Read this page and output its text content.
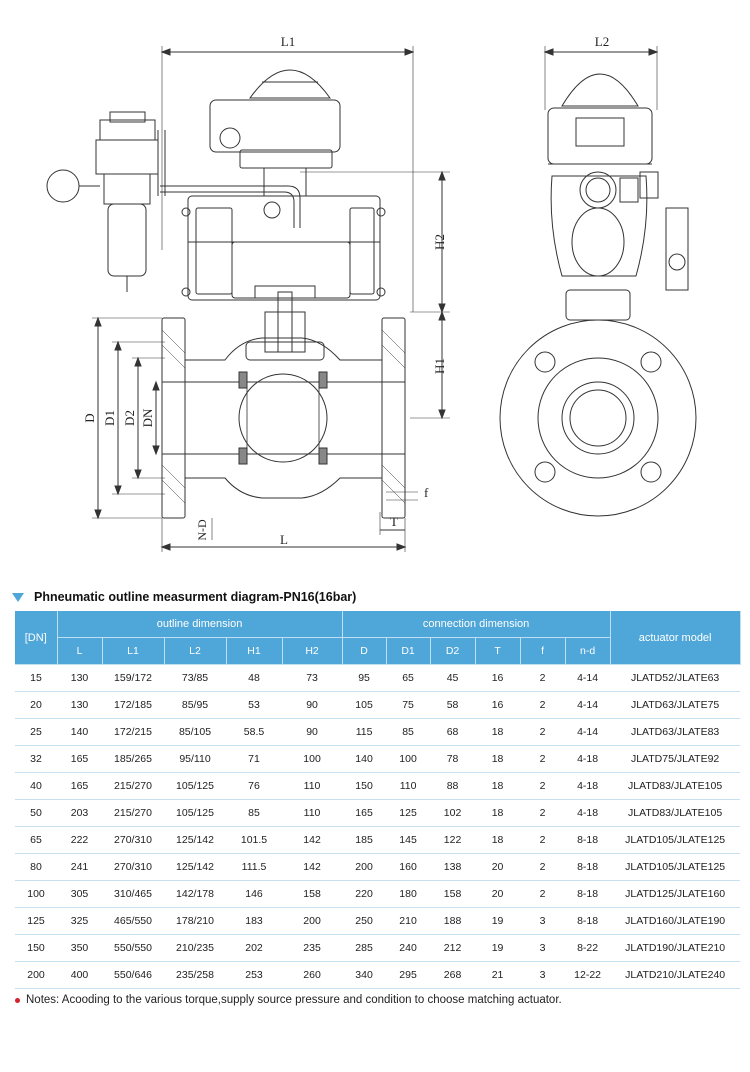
L1	L2
H2
H1
D D1 D2 DN
L
f
T
N-D
Phneumatic outline measurment diagram-PN16(16bar)
[DN]	outline dimension					connection dimension						actuator model
	L	L1	L2	H1	H2	D	D1	D2	T	f	n-d	
15	130	159/172	73/85	48	73	95	65	45	16	2	4-14	JLATD52/JLATE63
20	130	172/185	85/95	53	90	105	75	58	16	2	4-14	JLATD63/JLATE75
25	140	172/215	85/105	58.5	90	115	85	68	18	2	4-14	JLATD63/JLATE83
32	165	185/265	95/110	71	100	140	100	78	18	2	4-18	JLATD75/JLATE92
40	165	215/270	105/125	76	110	150	110	88	18	2	4-18	JLATD83/JLATE105
50	203	215/270	105/125	85	110	165	125	102	18	2	4-18	JLATD83/JLATE105
65	222	270/310	125/142	101.5	142	185	145	122	18	2	8-18	JLATD105/JLATE125
80	241	270/310	125/142	111.5	142	200	160	138	20	2	8-18	JLATD105/JLATE125
100	305	310/465	142/178	146	158	220	180	158	20	2	8-18	JLATD125/JLATE160
125	325	465/550	178/210	183	200	250	210	188	19	3	8-18	JLATD160/JLATE190
150	350	550/550	210/235	202	235	285	240	212	19	3	8-22	JLATD190/JLATE210
200	400	550/646	235/258	253	260	340	295	268	21	3	12-22	JLATD210/JLATE240
Notes: Acooding to the various torque,supply source pressure and condition to choose matching actuator.
